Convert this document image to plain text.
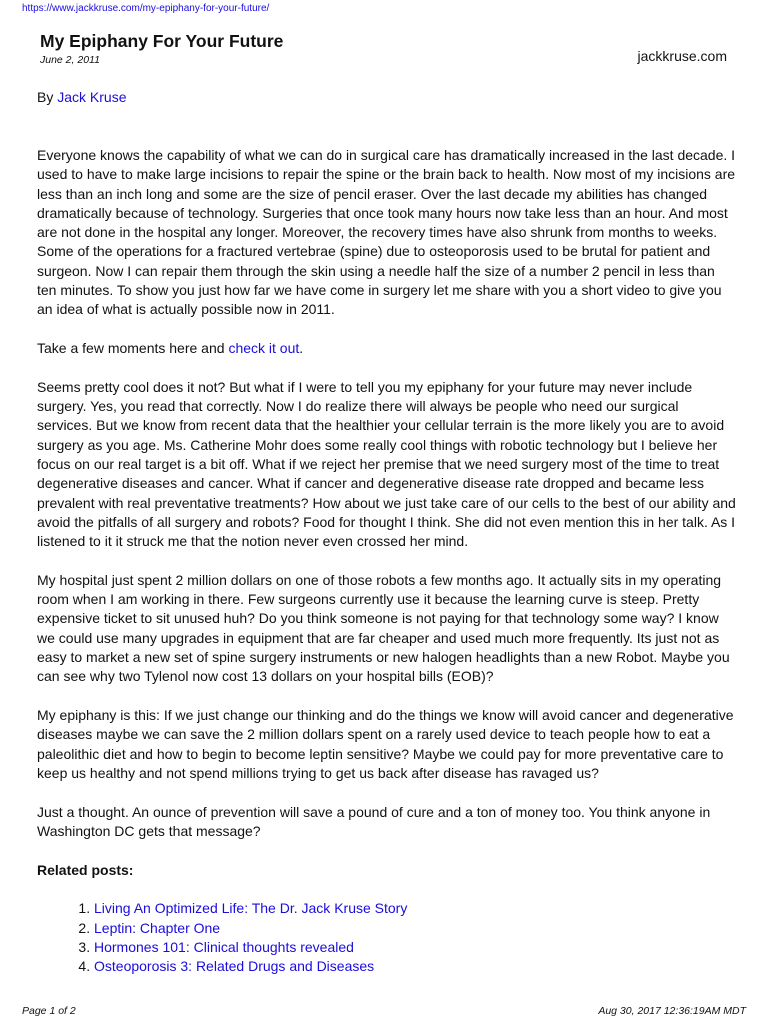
https://www.jackkruse.com/my-epiphany-for-your-future/
My Epiphany For Your Future
June 2, 2011	jackkruse.com
By Jack Kruse

Everyone knows the capability of what we can do in surgical care has dramatically increased in the last decade. I used to have to make large incisions to repair the spine or the brain back to health. Now most of my incisions are less than an inch long and some are the size of pencil eraser. Over the last decade my abilities has changed dramatically because of technology. Surgeries that once took many hours now take less than an hour. And most are not done in the hospital any longer. Moreover, the recovery times have also shrunk from months to weeks. Some of the operations for a fractured vertebrae (spine) due to osteoporosis used to be brutal for patient and surgeon. Now I can repair them through the skin using a needle half the size of a number 2 pencil in less than ten minutes. To show you just how far we have come in surgery let me share with you a short video to give you an idea of what is actually possible now in 2011.

Take a few moments here and check it out.

Seems pretty cool does it not? But what if I were to tell you my epiphany for your future may never include surgery. Yes, you read that correctly. Now I do realize there will always be people who need our surgical services. But we know from recent data that the healthier your cellular terrain is the more likely you are to avoid surgery as you age. Ms. Catherine Mohr does some really cool things with robotic technology but I believe her focus on our real target is a bit off. What if we reject her premise that we need surgery most of the time to treat degenerative diseases and cancer. What if cancer and degenerative disease rate dropped and became less prevalent with real preventative treatments? How about we just take care of our cells to the best of our ability and avoid the pitfalls of all surgery and robots? Food for thought I think. She did not even mention this in her talk. As I listened to it it struck me that the notion never even crossed her mind.

My hospital just spent 2 million dollars on one of those robots a few months ago. It actually sits in my operating room when I am working in there. Few surgeons currently use it because the learning curve is steep. Pretty expensive ticket to sit unused huh? Do you think someone is not paying for that technology some way? I know we could use many upgrades in equipment that are far cheaper and used much more frequently. Its just not as easy to market a new set of spine surgery instruments or new halogen headlights than a new Robot. Maybe you can see why two Tylenol now cost 13 dollars on your hospital bills (EOB)?

My epiphany is this: If we just change our thinking and do the things we know will avoid cancer and degenerative diseases maybe we can save the 2 million dollars spent on a rarely used device to teach people how to eat a paleolithic diet and how to begin to become leptin sensitive? Maybe we could pay for more preventative care to keep us healthy and not spend millions trying to get us back after disease has ravaged us?

Just a thought. An ounce of prevention will save a pound of cure and a ton of money too. You think anyone in Washington DC gets that message?

Related posts:

1. Living An Optimized Life: The Dr. Jack Kruse Story
2. Leptin: Chapter One
3. Hormones 101: Clinical thoughts revealed
4. Osteoporosis 3: Related Drugs and Diseases
Page 1 of 2	Aug 30, 2017 12:36:19AM MDT
